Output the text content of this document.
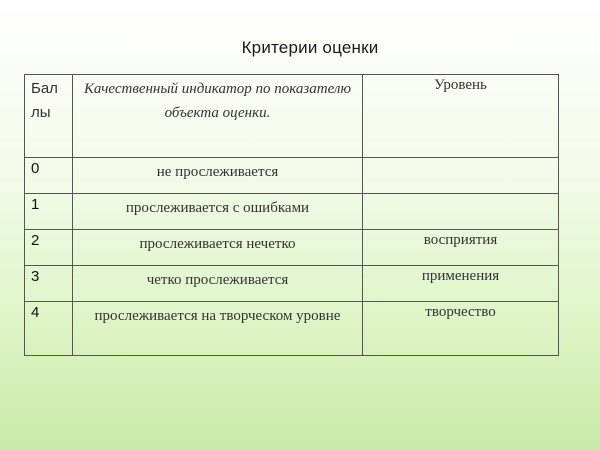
Критерии оценки
Бал лы	Качественный индикатор по показателю объекта оценки.	Уровень
0	не прослеживается	
1	прослеживается с ошибками	
2	прослеживается нечетко	восприятия
3	четко прослеживается	применения
4	прослеживается на творческом уровне	творчество
